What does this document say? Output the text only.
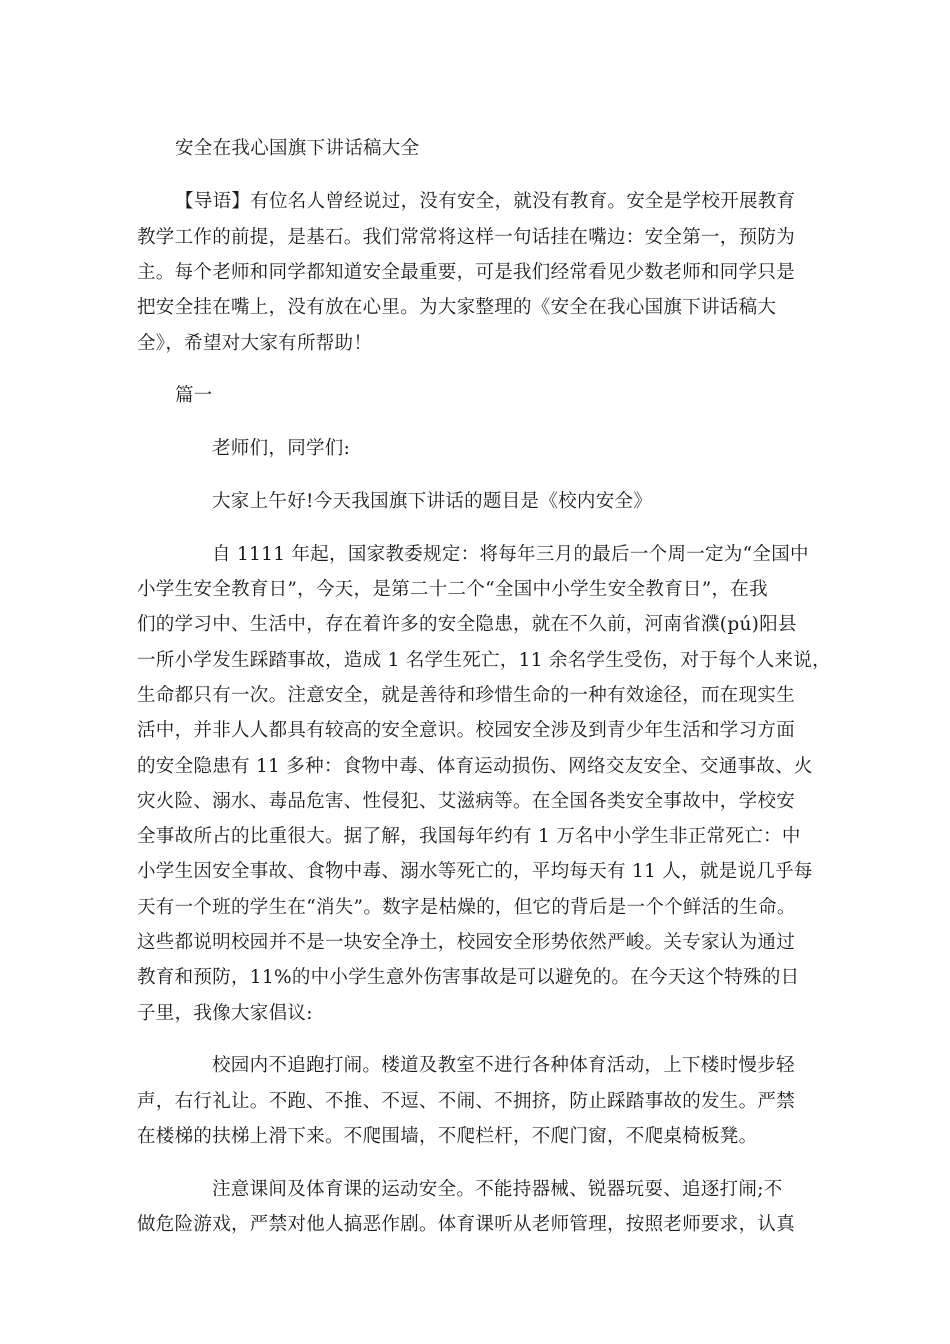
安全在我心国旗下讲话稿大全
【导语】有位名人曾经说过，没有安全，就没有教育。安全是学校开展教育
教学工作的前提，是基石。我们常常将这样一句话挂在嘴边：安全第一，预防为
主。每个老师和同学都知道安全最重要，可是我们经常看见少数老师和同学只是
把安全挂在嘴上，没有放在心里。为大家整理的《安全在我心国旗下讲话稿大
全》，希望对大家有所帮助！
篇一
老师们，同学们:
大家上午好!今天我国旗下讲话的题目是《校内安全》
自 1111 年起，国家教委规定：将每年三月的最后一个周一定为“全国中
小学生安全教育日”，今天，是第二十二个“全国中小学生安全教育日”，在我
们的学习中、生活中，存在着许多的安全隐患，就在不久前，河南省濮(pú)阳县
一所小学发生踩踏事故，造成 1 名学生死亡，11 余名学生受伤，对于每个人来说，
生命都只有一次。注意安全，就是善待和珍惜生命的一种有效途径，而在现实生
活中，并非人人都具有较高的安全意识。校园安全涉及到青少年生活和学习方面
的安全隐患有 11 多种：食物中毒、体育运动损伤、网络交友安全、交通事故、火
灾火险、溺水、毒品危害、性侵犯、艾滋病等。在全国各类安全事故中，学校安
全事故所占的比重很大。据了解，我国每年约有 1 万名中小学生非正常死亡：中
小学生因安全事故、食物中毒、溺水等死亡的，平均每天有 11 人，就是说几乎每
天有一个班的学生在“消失”。数字是枯燥的，但它的背后是一个个鲜活的生命。
这些都说明校园并不是一块安全净土，校园安全形势依然严峻。关专家认为通过
教育和预防，11%的中小学生意外伤害事故是可以避免的。在今天这个特殊的日
子里，我像大家倡议:
校园内不追跑打闹。楼道及教室不进行各种体育活动，上下楼时慢步轻
声，右行礼让。不跑、不推、不逗、不闹、不拥挤，防止踩踏事故的发生。严禁
在楼梯的扶梯上滑下来。不爬围墙，不爬栏杆，不爬门窗，不爬桌椅板凳。
注意课间及体育课的运动安全。不能持器械、锐器玩耍、追逐打闹;不
做危险游戏，严禁对他人搞恶作剧。体育课听从老师管理，按照老师要求，认真
